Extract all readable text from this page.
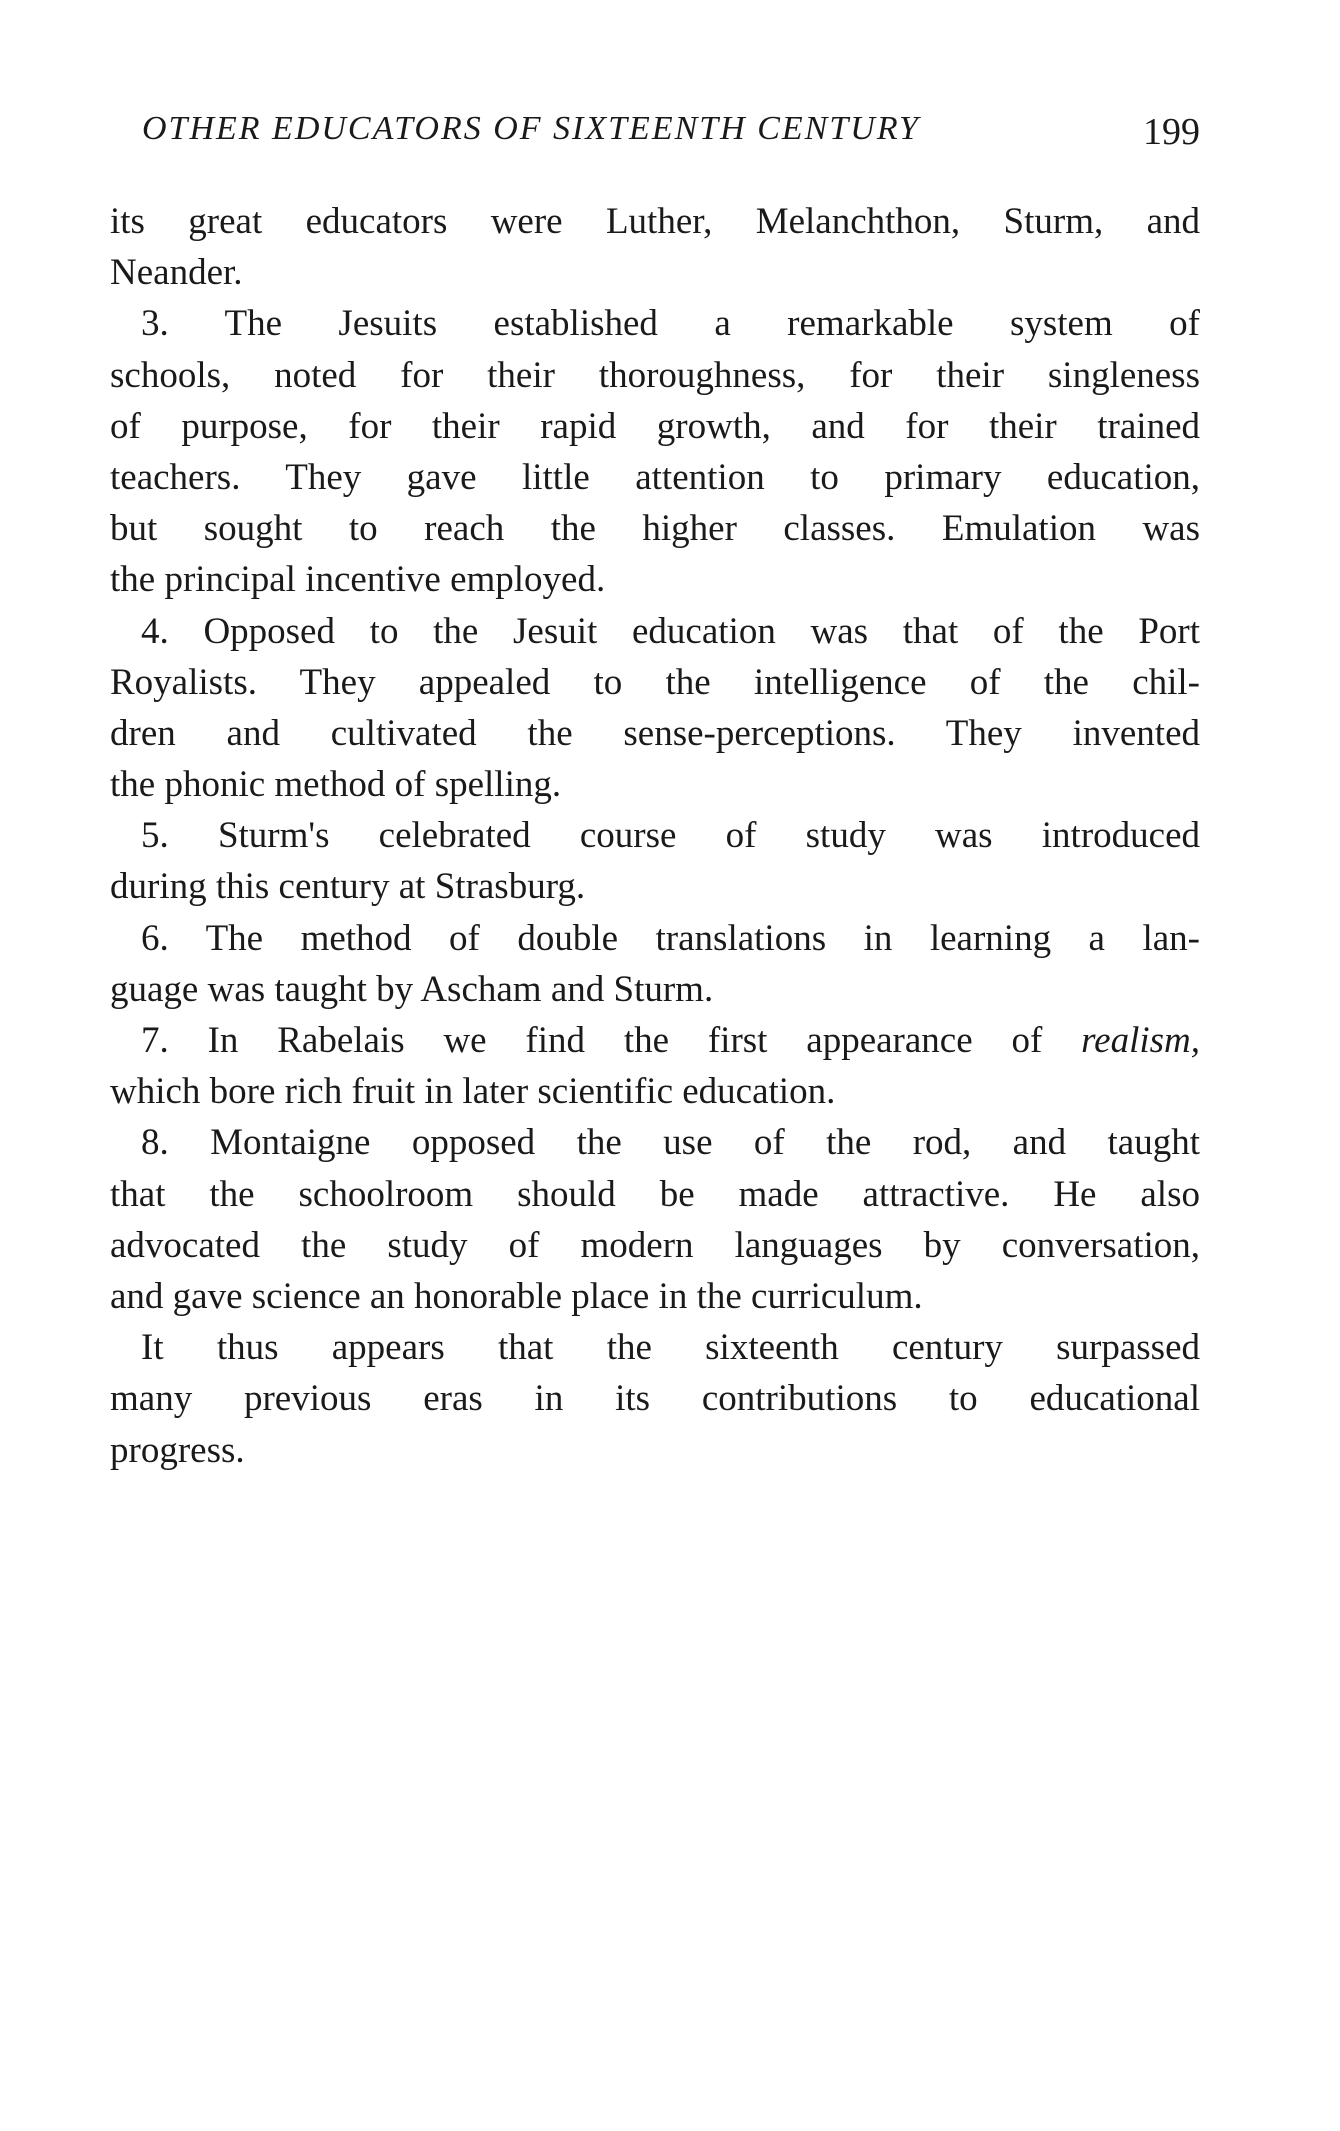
OTHER EDUCATORS OF SIXTEENTH CENTURY	199
its great educators were Luther, Melanchthon, Sturm, and
Neander.
3. The Jesuits established a remarkable system of
schools, noted for their thoroughness, for their singleness
of purpose, for their rapid growth, and for their trained
teachers. They gave little attention to primary education,
but sought to reach the higher classes. Emulation was
the principal incentive employed.
4. Opposed to the Jesuit education was that of the Port
Royalists. They appealed to the intelligence of the chil-
dren and cultivated the sense-perceptions. They invented
the phonic method of spelling.
5. Sturm's celebrated course of study was introduced
during this century at Strasburg.
6. The method of double translations in learning a lan-
guage was taught by Ascham and Sturm.
7. In Rabelais we find the first appearance of realism,
which bore rich fruit in later scientific education.
8. Montaigne opposed the use of the rod, and taught
that the schoolroom should be made attractive. He also
advocated the study of modern languages by conversation,
and gave science an honorable place in the curriculum.
It thus appears that the sixteenth century surpassed
many previous eras in its contributions to educational
progress.
